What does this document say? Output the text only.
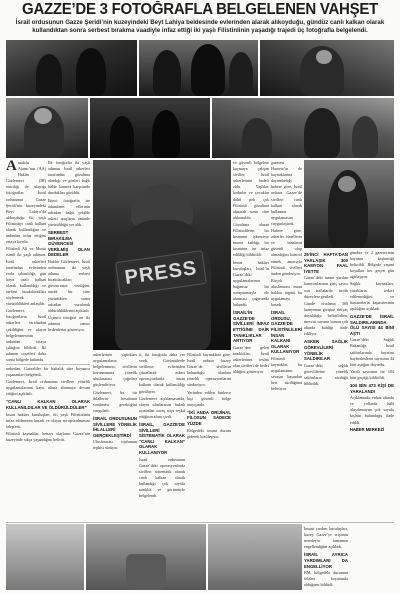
GAZZE’DE 3 FOTOĞRAFLA BELGELENEN VAHŞET
İsrail ordusunun Gazze Şeridi’nin kuzeyindeki Beyt Lahiya beldesinde evlerinden alarak alıkoyduğu, gündüz canlı kalkan olarak kullandıktan sonra serbest bırakma vaadiyle infaz ettiği iki yaşlı Filistinlinin yaşadığı trajedi üç fotoğrafla belgelendi.
PRESS

Anadolu Ajansı’nın (AA) Haklar Gözlemevi (İH) aracılığı ile ulaştığı fotoğraflar, İsrail ordusunun Gazze Şeridi’nin kuzeyindeki Beyt Lahiya’da alıkoyduğu iki yaşlı Filistinliyi canlı kalkan olarak kullandığını ve ardından infaz ettiğini ortaya koydu.

Filistinli Ali ve Munir isimli iki yaşlı adamın, İsrail askerleri tarafından evlerinden zorla çıkarıldığı, gün boyu canlı kalkan olarak kullanıldığı ve serbest bırakılacakları söylenerek yürütüldükleri anlaşıldı.

Gözlemevi, fotoğrafların İsrail askerleri tarafından çekildiğini ve olayın belgelenmesinin ardından ortaya çıktığını bildirdi. İki adamın cesetleri daha sonra bölgede bulundu.

İlk fotoğrafta iki yaşlı adamın İsrail askerleri tarafından gözaltına alındığı ve gözleri bağlı halde kamera karşısında durdukları görüldü.

İkinci fotoğrafta ise adamların ellerinin arkadan bağlı şekilde askeri araçların önünde yürütüldüğü yer aldı.

SERBEST BIRAKILMA GÜVENCESİ VERİLMİŞ OLAN DEDELER

Haklar Gözlemevi, İsrail ordusunun iki yaşlı adama serbest bırakılacakları güvencesini verdiğini, ancak bir süre yürüdükten sonra arkadan vurularak öldürüldüklerini açıkladı.

Üçüncü fotoğraf ise iki adamın cansız bedenlerini gösteriyor.

ve güvenli bölgelere kaçmaya çalışan siviller, İsrail askerlerinin hedefi oldu. Yaşlılar, kadınlar ve çocuklar dahil pek çok Filistinli gözaltına alınarak uzun süre alıkonuldu.

Gözaltına alınan Filistinlilerin bir kısmının işkenceye maruz kaldığı, bir kısmının ise infaz edildiği bildirildi.

İnsan hakları kuruluşları, İsrail’in Gazze’deki uygulamalarının bağımsız bir soruşturmayla ele alınması çağrısında bulundu.

İSRAİL’İN GAZZE’DE SİVİLLERİ İNFAZ ETTİĞİNE DAİR TANIKLIKLAR ARTIYOR

Gazze’den gelen tanıklıklar, İsrail askerlerinin teslim olan sivilleri de hedef aldığını gösteriyor.

gazetesi Haaretz’in de kaynaklarına dayandırdığı habere göre, İsrail ordusu Gazze’de sivilleri canlı kalkan olarak kullanma uygulamasını yaygınlaştırdı.

Habere göre, askerler tünellerin ve binaların güvenli olup olmadığını kontrol etmek amacıyla Filistinli sivilleri önden gönderiyor.

Birçok uluslararası insan hakları örgütü bu uygulamayı kınadı.

İSRAİL ORDUSU, GAZZE’DE FİLİSTİNLİLERİ İNSAN KALKANI OLARAK KULLANIYOR

Filistinli kaynaklar, bu uygulamanın savaşın başından beri sürdüğünü belirtiyor.

25’İNCİ HAFTA’DAN YAKLAŞIK 300 KAMYON FAAL İYETTE

Gazze’deki insani yardım kamyonlarının giriş sayısı son haftalarda kritik düzeylere geriledi.

Günde ortalama 300 kamyonun girişine ihtiyaç duyulduğu belirtilirken, mevcut sayının bunun çok altında kaldığı ifade ediliyor.

ASKER SAĞLIK GÖREVLİLERİ YÖNELİK SALDIRILAR

Gazze’deki sağlık görevlilerine yönelik saldırıların sürdüğü bildirildi.

gündüz ve 2 gazetecinin hayatını kaybettiği belirtildi. Bölgede yaşam koşulları her geçen gün ağırlaşıyor.

Sağlık kaynakları, yaralıların tedavi edilemediğini ve hastanelerin kapasitesinin aşıldığını açıkladı.

GAZZE’DE İSRAİL SALDIRILARINDA ÖLÜ SAYISI 44 BİNİ AŞTI

Gazze’deki Sağlık Bakanlığı, İsrail saldırılarında hayatını kaybedenlerin sayısının 44 bini aştığını duyurdu.

Yaralı sayısının ise 104 bini geçtiği bildirildi.

104 BİN 473 KİŞİ DE YARALANDI

Açıklamada, enkaz altında ve yollarda hâlâ ulaşılamayan çok sayıda kişinin bulunduğu ifade edildi.

HABER MERKEZİ

askerlerinin yaptıkları uygulamaların belgelenmesi, sivillerin korunmasına yönelik uluslararası çağrıları güçlendiriyor.

Gözlemevi, bu tür ihlallerin hesabının sorulması gerektiğini vurguladı.

İSRAİL ORDUSUNUN SİVİLLERE YÖNELİK İHLALLERİ GERÇEKLEŞTİRDİ

Uluslararası toplumun tepkisi sürüyor.

ti, iki fotoğrafa daha yer verdi. Görüntülerde sivillerin evlerinden çıkarılarak askeri operasyonlarda insan kalkanı olarak kullanıldığı görülüyor.

Gözlemevi açıklamasında, olayın uluslararası hukuk açısından savaş suçu teşkil ettiğinin altını çizdi.

İSRAİL, GAZZE’DE SİVİLLERİ SİSTEMATİK OLARAK “CANLI KALKAN” OLARAK KULLANIYOR

İsrail ordusunun Gazze’deki operasyonlarda sivilleri sistematik olarak canlı kalkan olarak kullandığı çok sayıda tanıklık ve görüntüyle belgelendi.

Filistinli kaynaklara göre, İsrail ordusu kuzey Gazze’de sivillerin bulunduğu alanlara yönelik operasyonlarını sürdürüyor.

Yerinden edilen binlerce kişi güvenli bölge arayışında.

“İKİ ANDA ORİJİNAL FİLOSUN SADECE YÜZDE

Bölgedeki insani durum giderek kötüleşiyor.

ardından, Gazzeliler bir haftalık süre boyunca yaşananları belgeledi.

Gözlemevi, İsrail ordusunun sivillere yönelik uygulamalarının kayıt altına alınmaya devam ettiğini açıkladı.

“CANLI KALKAN OLARAK KULLANILDILAR VE ÖLDÜRÜLDÜLER”

İnsan hakları kuruluşları, iki yaşlı Filistinlinin infaz edilmesini kınadı ve olayın soruşturulmasını talep etti.

Filistinli kaynaklar, benzer olayların Gazze’nin kuzeyinde sıkça yaşandığını belirtti.

İnsani yardım kuruluşları, kuzey Gazze’ye erişimin neredeyse tamamen engellendiğini açıkladı.

İSRAİL AYRICA YARDIMLARI DA ENGELLİYOR

BM, bölgedeki durumun felaket boyutunda olduğunu bildirdi.
